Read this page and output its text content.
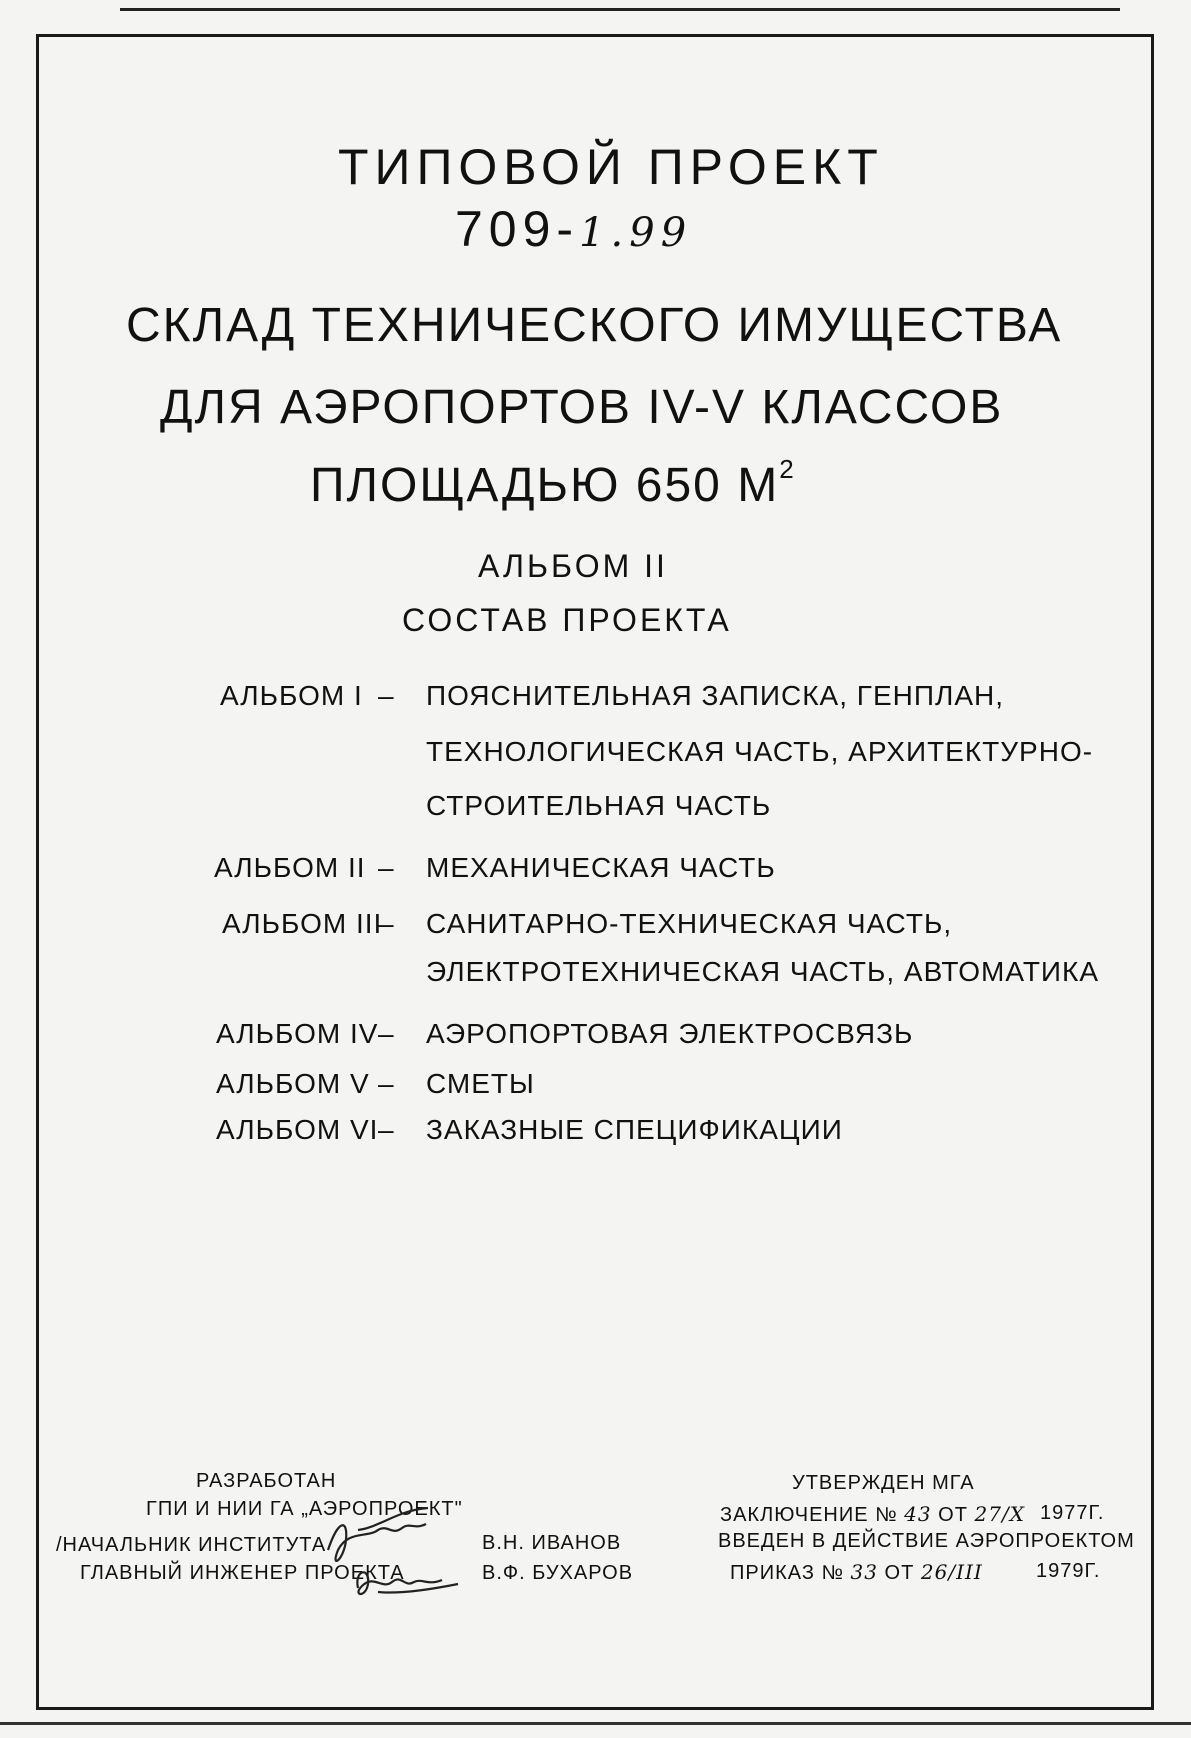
ТИПОВОЙ ПРОЕКТ
709-1.99
СКЛАД ТЕХНИЧЕСКОГО ИМУЩЕСТВА
ДЛЯ АЭРОПОРТОВ IV-V КЛАССОВ
ПЛОЩАДЬЮ 650 $М^2$
АЛЬБОМ II
СОСТАВ ПРОЕКТА
АЛЬБОМ I – ПОЯСНИТЕЛЬНАЯ ЗАПИСКА, ГЕНПЛАН,
ТЕХНОЛОГИЧЕСКАЯ ЧАСТЬ, АРХИТЕКТУРНО-
СТРОИТЕЛЬНАЯ ЧАСТЬ
АЛЬБОМ II – МЕХАНИЧЕСКАЯ ЧАСТЬ
АЛЬБОМ III
– САНИТАРНО-ТЕХНИЧЕСКАЯ ЧАСТЬ,
ЭЛЕКТРОТЕХНИЧЕСКАЯ ЧАСТЬ, АВТОМАТИКА
АЛЬБОМ IV – АЭРОПОРТОВАЯ ЭЛЕКТРОСВЯЗЬ
АЛЬБОМ V – СМЕТЫ
АЛЬБОМ VI – ЗАКАЗНЫЕ СПЕЦИФИКАЦИИ
РАЗРАБОТАН
ГПИ И НИИ ГА „АЭРОПРОЕКТ"
/НАЧАЛЬНИК ИНСТИТУТА
ГЛАВНЫЙ ИНЖЕНЕР ПРОЕКТА
В.Н. ИВАНОВ
В.Ф. БУХАРОВ
УТВЕРЖДЕН МГА
ЗАКЛЮЧЕНИЕ № 43 ОТ 27/X 1977Г.
ВВЕДЕН В ДЕЙСТВИЕ АЭРОПРОЕКТОМ
ПРИКАЗ № 33 ОТ 26/III	1979Г.
